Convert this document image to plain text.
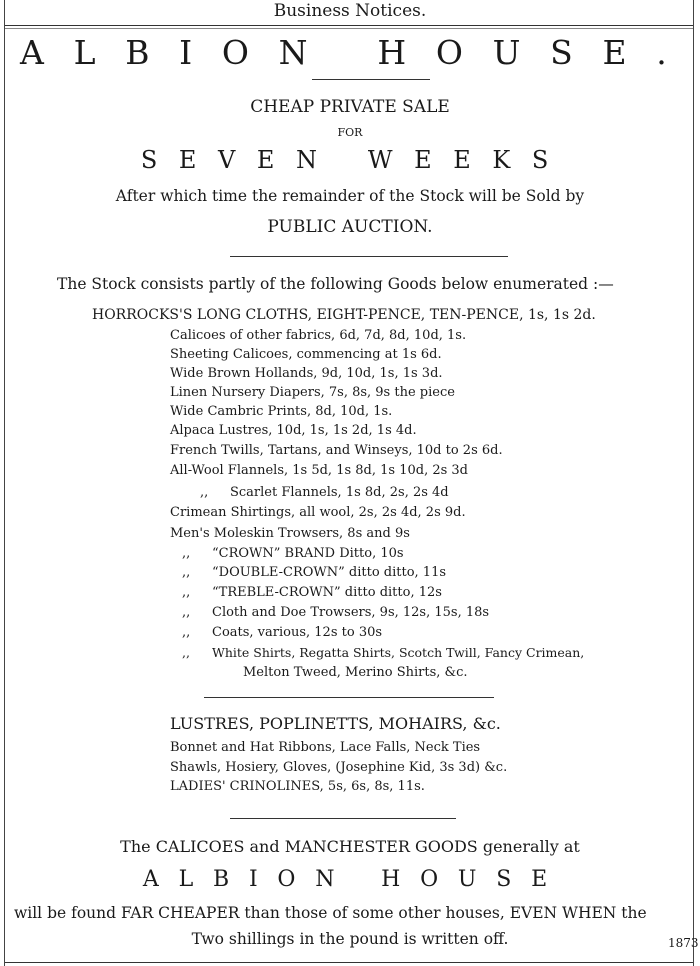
Business Notices.
ALBION HOUSE.
CHEAP PRIVATE SALE
FOR
SEVEN WEEKS
After which time the remainder of the Stock will be Sold by
PUBLIC AUCTION.
The Stock consists partly of the following Goods below enumerated :—
HORROCKS'S LONG CLOTHS, EIGHT-PENCE, TEN-PENCE, 1s, 1s 2d.
Calicoes of other fabrics, 6d, 7d, 8d, 10d, 1s.
Sheeting Calicoes, commencing at 1s 6d.
Wide Brown Hollands, 9d, 10d, 1s, 1s 3d.
Linen Nursery Diapers, 7s, 8s, 9s the piece
Wide Cambric Prints, 8d, 10d, 1s.
Alpaca Lustres, 10d, 1s, 1s 2d, 1s 4d.
French Twills, Tartans, and Winseys, 10d to 2s 6d.
All-Wool Flannels, 1s 5d, 1s 8d, 1s 10d, 2s 3d
,, Scarlet Flannels, 1s 8d, 2s, 2s 4d
Crimean Shirtings, all wool, 2s, 2s 4d, 2s 9d.
Men's Moleskin Trowsers, 8s and 9s
,, “CROWN” BRAND Ditto, 10s
,, “DOUBLE-CROWN” ditto ditto, 11s
,, “TREBLE-CROWN” ditto ditto, 12s
,, Cloth and Doe Trowsers, 9s, 12s, 15s, 18s
,, Coats, various, 12s to 30s
,, White Shirts, Regatta Shirts, Scotch Twill, Fancy Crimean,
Melton Tweed, Merino Shirts, &c.
LUSTRES, POPLINETTS, MOHAIRS, &c.
Bonnet and Hat Ribbons, Lace Falls, Neck Ties
Shawls, Hosiery, Gloves, (Josephine Kid, 3s 3d) &c.
LADIES' CRINOLINES, 5s, 6s, 8s, 11s.
The CALICOES and MANCHESTER GOODS generally at
ALBION HOUSE
will be found FAR CHEAPER than those of some other houses, EVEN WHEN the
Two shillings in the pound is written off.	1873
